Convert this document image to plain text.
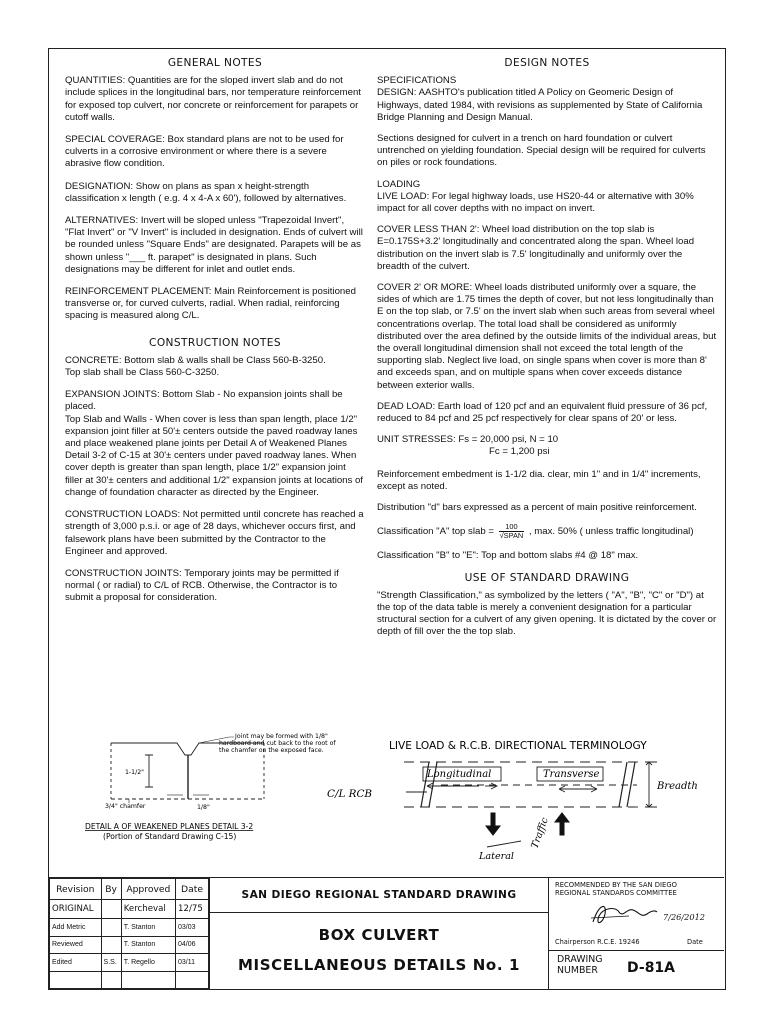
GENERAL NOTES
QUANTITIES: Quantities are for the sloped invert slab and do not include splices in the longitudinal bars, nor temperature reinforcement for exposed top culvert, nor concrete or reinforcement for parapets or cutoff walls.
SPECIAL COVERAGE: Box standard plans are not to be used for culverts in a corrosive environment or where there is a severe abrasive flow condition.
DESIGNATION: Show on plans as span x height-strength classification x length ( e.g. 4 x 4-A x 60'), followed by alternatives.
ALTERNATIVES: Invert will be sloped unless "Trapezoidal Invert", "Flat Invert" or "V Invert" is included in designation. Ends of culvert will be rounded unless "Square Ends" are designated. Parapets will be as shown unless "___ ft. parapet" is designated in plans. Such designations may be different for inlet and outlet ends.
REINFORCEMENT PLACEMENT: Main Reinforcement is positioned transverse or, for curved culverts, radial. When radial, reinforcing spacing is measured along C/L.
CONSTRUCTION NOTES
CONCRETE: Bottom slab & walls shall be Class 560-B-3250.
Top slab shall be Class 560-C-3250.
EXPANSION JOINTS: Bottom Slab - No expansion joints shall be placed.
Top Slab and Walls - When cover is less than span length, place 1/2" expansion joint filler at 50'± centers outside the paved roadway lanes and place weakened plane joints per Detail A of Weakened Planes Detail 3-2 of C-15 at 30'± centers under paved roadway lanes. When cover depth is greater than span length, place 1/2" expansion joint filler at 30'± centers and additional 1/2" expansion joints at locations of change of foundation character as directed by the Engineer.
CONSTRUCTION LOADS: Not permitted until concrete has reached a strength of 3,000 p.s.i. or age of 28 days, whichever occurs first, and falsework plans have been submitted by the Contractor to the Engineer and approved.
CONSTRUCTION JOINTS: Temporary joints may be permitted if normal ( or radial) to C/L of RCB. Otherwise, the Contractor is to submit a proposal for consideration.
DESIGN NOTES
SPECIFICATIONS
DESIGN: AASHTO's publication titled A Policy on Geomeric Design of Highways, dated 1984, with revisions as supplemented by State of California Bridge Planning and Design Manual.
Sections designed for culvert in a trench on hard foundation or culvert untrenched on yielding foundation. Special design will be required for culverts on piles or rock foundations.
LOADING
LIVE LOAD: For legal highway loads, use HS20-44 or alternative with 30% impact for all cover depths with no impact on invert.
COVER LESS THAN 2': Wheel load distribution on the top slab is E=0.175S+3.2' longitudinally and concentrated along the span. Wheel load distribution on the invert slab is 7.5' longitudinally and uniformly over the breadth of the culvert.
COVER 2' OR MORE: Wheel loads distributed uniformly over a square, the sides of which are 1.75 times the depth of cover, but not less longitudinally than E on the top slab, or 7.5' on the invert slab when such areas from several wheel concentrations overlap. The total load shall be considered as uniformly distributed over the area defined by the outside limits of the individual areas, but the overall longitudinal dimension shall not exceed the total length of the supporting slab. Neglect live load, on single spans when cover is more than 8' and exceeds span, and on multiple spans when cover exceeds distance between exterior walls.
DEAD LOAD: Earth load of 120 pcf and an equivalent fluid pressure of 36 pcf, reduced to 84 pcf and 25 pcf respectively for clear spans of 20' or less.
UNIT STRESSES: Fs = 20,000 psi, N = 10
Fc = 1,200 psi
Reinforcement embedment is 1-1/2 dia. clear, min 1" and in 1/4" increments, except as noted.
Distribution "d" bars expressed as a percent of main positive reinforcement.
Classification "A" top slab = $\frac{100}{\text{√SPAN}}$ , max. 50% ( unless traffic longitudinal)
Classification "B" to "E": Top and bottom slabs #4 @ 18" max.
USE OF STANDARD DRAWING
"Strength Classification," as symbolized by the letters ( "A", "B", "C" or "D") at the top of the data table is merely a convenient designation for a particular structural section for a culvert of any given opening. It is dictated by the cover or depth of fill over the the top slab.
Joint may be formed with 1/8"
hardboard and cut back to the root of
the chamfer on the exposed face.
1-1/2"
3/4" chamfer	1/8"
DETAIL A OF WEAKENED PLANES DETAIL 3-2
(Portion of Standard Drawing C-15)
LIVE LOAD & R.C.B. DIRECTIONAL TERMINOLOGY
Longitudinal	Transverse
Breadth
C/L RCB
Lateral
Traffic
Revision	By	Approved	Date
ORIGINAL		Kercheval	12/75
Add Metric		T. Stanton	03/03
Reviewed		T. Stanton	04/06
Edited	S.S.	T. Regello	03/11

SAN DIEGO REGIONAL STANDARD DRAWING
BOX CULVERT
MISCELLANEOUS DETAILS No. 1
RECOMMENDED BY THE SAN DIEGO
REGIONAL STANDARDS COMMITTEE
7/26/2012
Chairperson R.C.E. 19246	Date
DRAWING
NUMBER	D-81A
